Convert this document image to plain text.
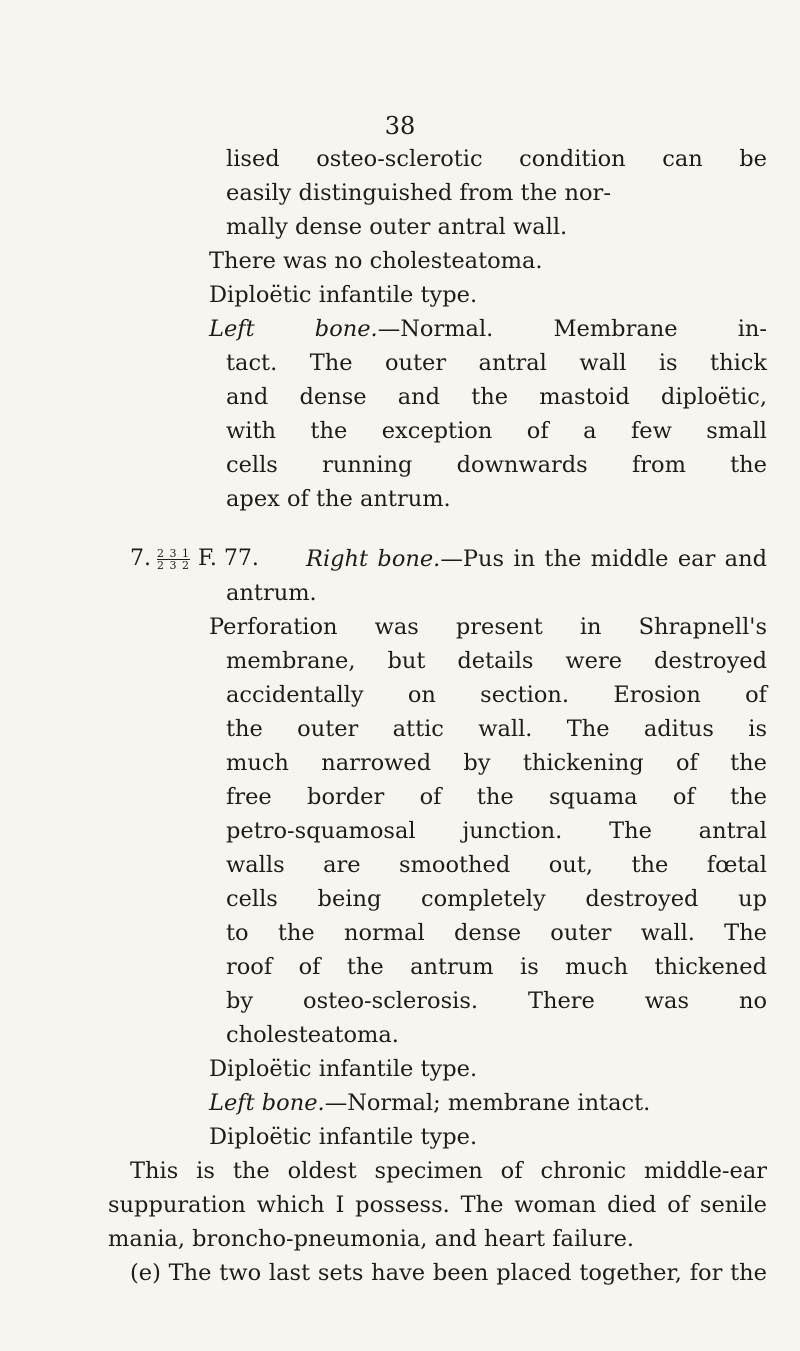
38
lised osteo-sclerotic condition can be
easily distinguished from the nor-
mally dense outer antral wall.
There was no cholesteatoma.
Diploëtic infantile type.
Left bone.—Normal. Membrane in-
tact. The outer antral wall is thick
and dense and the mastoid diploëtic,
with the exception of a few small
cells running downwards from the
apex of the antrum.
7. $\frac{2 3 1}{2 3 2} F$. 77. Right bone.—Pus in the middle ear and
antrum.
Perforation was present in Shrapnell's
membrane, but details were destroyed
accidentally on section. Erosion of
the outer attic wall. The aditus is
much narrowed by thickening of the
free border of the squama of the
petro-squamosal junction. The antral
walls are smoothed out, the fœtal
cells being completely destroyed up
to the normal dense outer wall. The
roof of the antrum is much thickened
by osteo-sclerosis. There was no
cholesteatoma.
Diploëtic infantile type.
Left bone.—Normal; membrane intact.
Diploëtic infantile type.
This is the oldest specimen of chronic middle-ear
suppuration which I possess. The woman died of senile
mania, broncho-pneumonia, and heart failure.
(e) The two last sets have been placed together, for the
